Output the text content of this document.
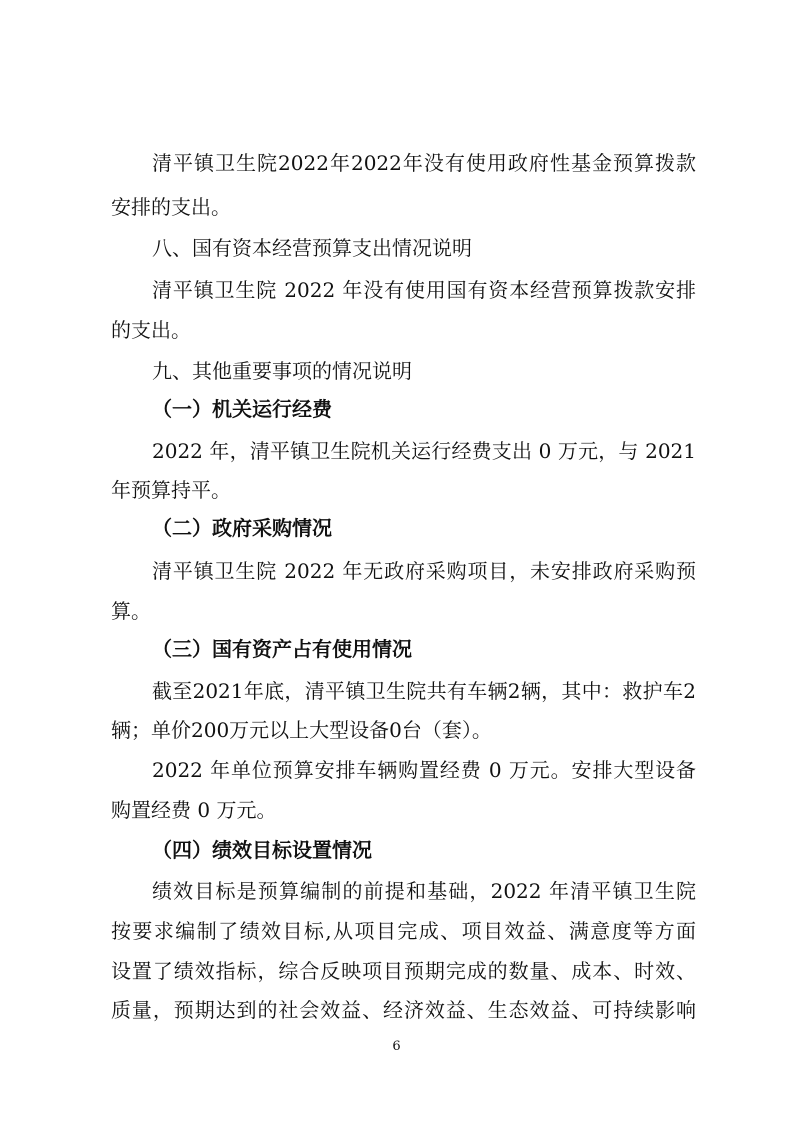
清平镇卫生院2022年2022年没有使用政府性基金预算拨款

安排的支出。

八、国有资本经营预算支出情况说明

清平镇卫生院 2022 年没有使用国有资本经营预算拨款安排

的支出。

九、其他重要事项的情况说明
（一）机关运行经费

2022 年，清平镇卫生院机关运行经费支出 0 万元，与 2021

年预算持平。

（二）政府采购情况

清平镇卫生院 2022 年无政府采购项目，未安排政府采购预

算。

（三）国有资产占有使用情况

截至2021年底，清平镇卫生院共有车辆2辆，其中：救护车2

辆；单价200万元以上大型设备0台（套）。

2022 年单位预算安排车辆购置经费 0 万元。安排大型设备

购置经费 0 万元。

（四）绩效目标设置情况

绩效目标是预算编制的前提和基础，2022 年清平镇卫生院

按要求编制了绩效目标,从项目完成、项目效益、满意度等方面

设置了绩效指标，综合反映项目预期完成的数量、成本、时效、

质量，预期达到的社会效益、经济效益、生态效益、可持续影响

6
